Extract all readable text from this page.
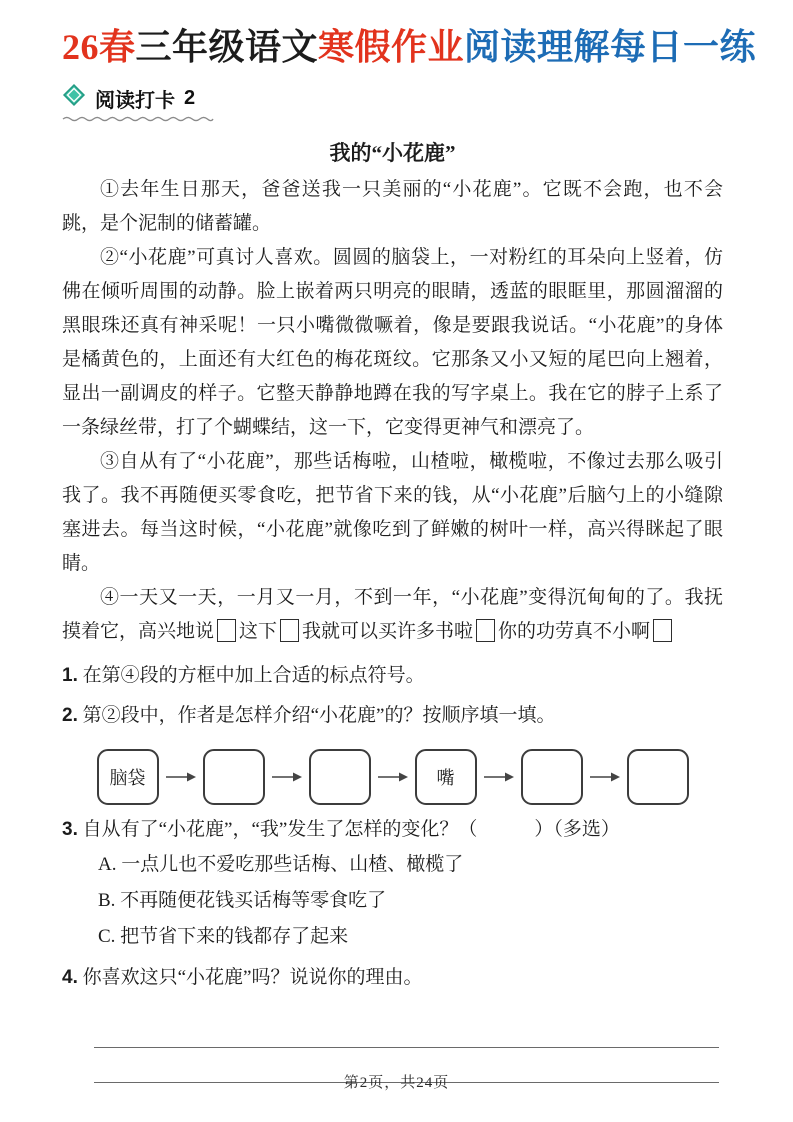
26春三年级语文寒假作业阅读理解每日一练
阅读打卡 2
我的“小花鹿”

①去年生日那天，爸爸送我一只美丽的“小花鹿”。它既不会跑，也不会跳，是个泥制的储蓄罐。

②“小花鹿”可真讨人喜欢。圆圆的脑袋上，一对粉红的耳朵向上竖着，仿佛在倾听周围的动静。脸上嵌着两只明亮的眼睛，透蓝的眼眶里，那圆溜溜的黑眼珠还真有神采呢！一只小嘴微微噘着，像是要跟我说话。“小花鹿”的身体是橘黄色的，上面还有大红色的梅花斑纹。它那条又小又短的尾巴向上翘着，显出一副调皮的样子。它整天静静地蹲在我的写字桌上。我在它的脖子上系了一条绿丝带，打了个蝴蝶结，这一下，它变得更神气和漂亮了。

③自从有了“小花鹿”，那些话梅啦，山楂啦，橄榄啦，不像过去那么吸引我了。我不再随便买零食吃，把节省下来的钱，从“小花鹿”后脑勺上的小缝隙塞进去。每当这时候，“小花鹿”就像吃到了鲜嫩的树叶一样，高兴得眯起了眼睛。

④一天又一天，一月又一月，不到一年，“小花鹿”变得沉甸甸的了。我抚摸着它，高兴地说 这下 我就可以买许多书啦 你的功劳真不小啊

1. 在第④段的方框中加上合适的标点符号。
2. 第②段中，作者是怎样介绍“小花鹿”的？按顺序填一填。
脑袋	嘴
3. 自从有了“小花鹿”，“我”发生了怎样的变化？（　　　）（多选）
A. 一点儿也不爱吃那些话梅、山楂、橄榄了
B. 不再随便花钱买话梅等零食吃了
C. 把节省下来的钱都存了起来
4. 你喜欢这只“小花鹿”吗？说说你的理由。
第2页，共24页
